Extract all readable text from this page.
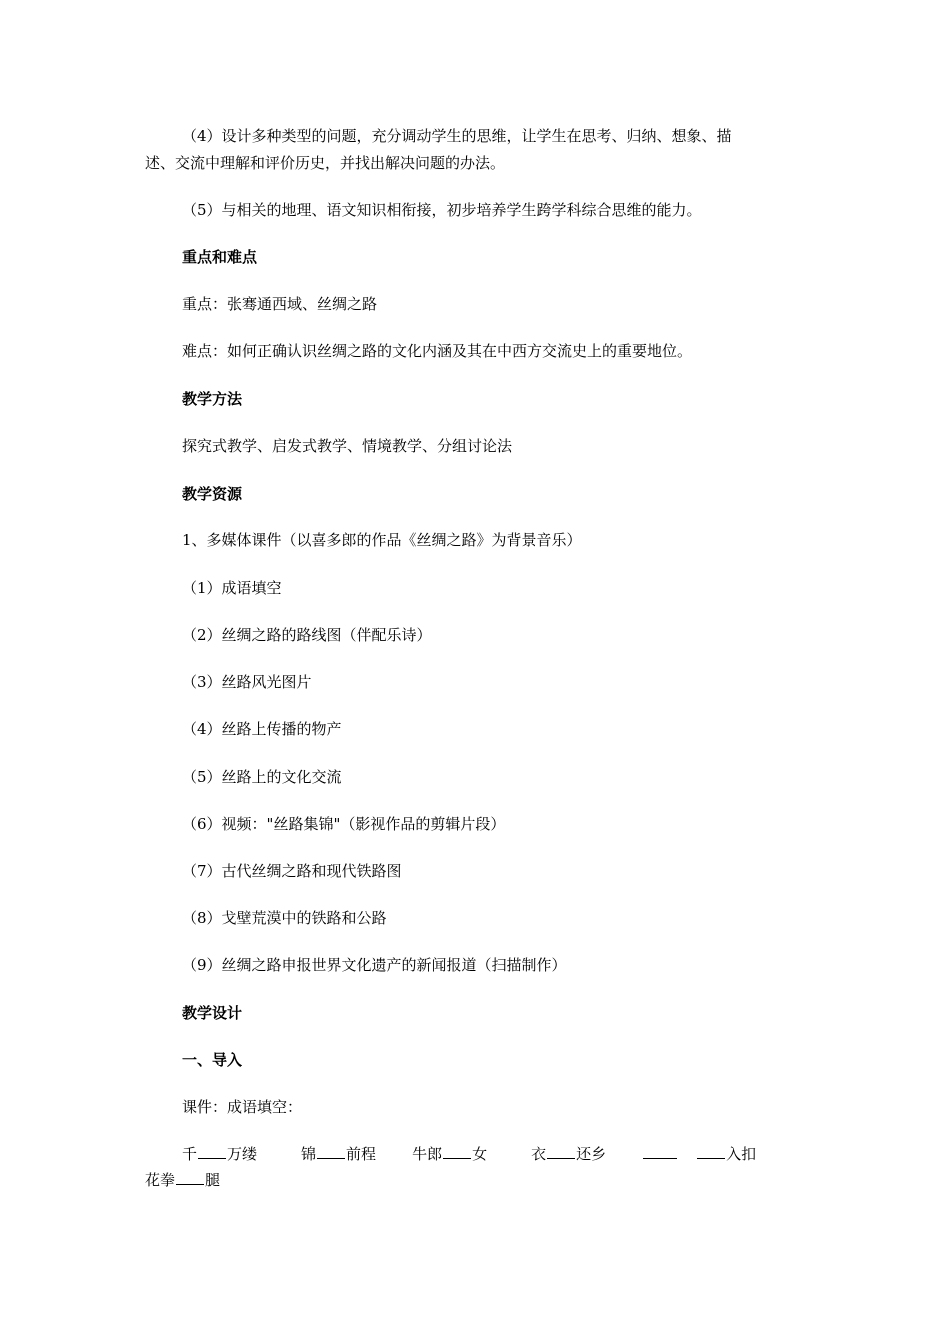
（4）设计多种类型的问题，充分调动学生的思维，让学生在思考、归纳、想象、描
述、交流中理解和评价历史，并找出解决问题的办法。
（5）与相关的地理、语文知识相衔接，初步培养学生跨学科综合思维的能力。
重点和难点
重点：张骞通西域、丝绸之路
难点：如何正确认识丝绸之路的文化内涵及其在中西方交流史上的重要地位。
教学方法
探究式教学、启发式教学、情境教学、分组讨论法
教学资源
1、多媒体课件（以喜多郎的作品《丝绸之路》为背景音乐）
（1）成语填空
（2）丝绸之路的路线图（伴配乐诗）
（3）丝路风光图片
（4）丝路上传播的物产
（5）丝路上的文化交流
（6）视频："丝路集锦"（影视作品的剪辑片段）
（7）古代丝绸之路和现代铁路图
（8）戈壁荒漠中的铁路和公路
（9）丝绸之路申报世界文化遗产的新闻报道（扫描制作）
教学设计
一、导入
课件：成语填空：
千 万缕	锦 前程 牛郎 女	衣 还乡	入扣
花拳 腿
